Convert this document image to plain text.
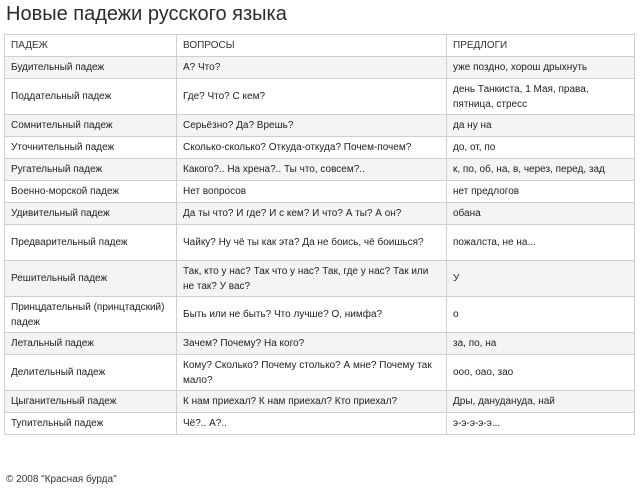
Новые падежи русского языка
ПАДЕЖ	ВОПРОСЫ	ПРЕДЛОГИ
Будительный падеж	А? Что?	уже поздно, хорош дрыхнуть
Поддательный падеж	Где? Что? С кем?	день Танкиста, 1 Мая, права, пятница, стресс
Сомнительный падеж	Серьёзно? Да? Врешь?	да ну на
Уточнительный падеж	Сколько-сколько? Откуда-откуда? Почем-почем?	до, от, по
Ругательный падеж	Какого?.. На хрена?.. Ты что, совсем?..	к, по, об, на, в, через, перед, зад
Военно-морской падеж	Нет вопросов	нет предлогов
Удивительный падеж	Да ты что? И где? И с кем? И что? А ты? А он?	обана
Предварительный падеж	Чайку? Ну чё ты как эта? Да не боись, чё боишься?	пожалста, не на...
Решительный падеж	Так, кто у нас? Так что у нас? Так, где у нас? Так или не так? У вас?	У
Принцдательный (принцтадский) падеж	Быть или не быть? Что лучше? О, нимфа?	о
Летальный падеж	Зачем? Почему? На кого?	за, по, на
Делительный падеж	Кому? Сколько? Почему столько? А мне? Почему так мало?	ооо, оао, зао
Цыганительный падеж	К нам приехал? К нам приехал? Кто приехал?	Дры, дануданудa, най
Тупительный падеж	Чё?.. А?..	э-э-э-э-э...
© 2008 "Красная бурда"
